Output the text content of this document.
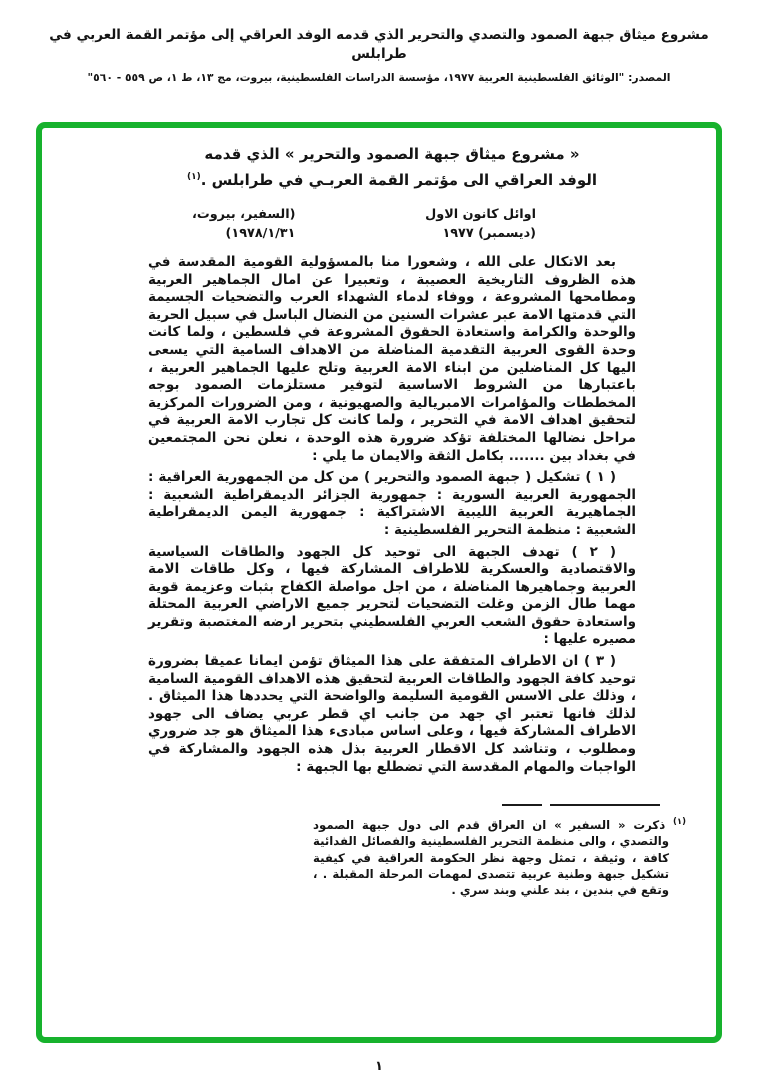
مشروع ميثاق جبهة الصمود والتصدي والتحرير الذي قدمه الوفد العراقي إلى مؤتمر القمة العربي في طرابلس
المصدر: "الوثائق الفلسطينية العربية ١٩٧٧، مؤسسة الدراسات الفلسطينية، بيروت، مج ١٣، ط ١، ص ٥٥٩ - ٥٦٠"
« مشروع ميثاق جبهة الصمود والتحرير » الذي قدمه
الوفد العراقي الى مؤتمر القمة العربـي في طرابلس .$^{(١)}$
اوائل كانون الاول
(ديسمبر) ١٩٧٧
(السفير، بيروت،
١٩٧٨/١/٣١)

بعد الاتكال على الله ، وشعورا منا بالمسؤولية القومية المقدسة في هذه الظروف التاريخية العصيبة ، وتعبيرا عن امال الجماهير العربية ومطامحها المشروعة ، ووفاء لدماء الشهداء العرب والتضحيات الجسيمة التي قدمتها الامة عبر عشرات السنين من النضال الباسل في سبيل الحرية والوحدة والكرامة واستعادة الحقوق المشروعة في فلسطين ، ولما كانت وحدة القوى العربية التقدمية المناضلة من الاهداف السامية التي يسعى اليها كل المناضلين من ابناء الامة العربية وتلح عليها الجماهير العربية ، باعتبارها من الشروط الاساسية لتوفير مستلزمات الصمود بوجه المخططات والمؤامرات الامبريالية والصهيونية ، ومن الضرورات المركزية لتحقيق اهداف الامة في التحرير ، ولما كانت كل تجارب الامة العربية في مراحل نضالها المختلفة تؤكد ضرورة هذه الوحدة ، نعلن نحن المجتمعين في بغداد بين ....... بكامل الثقة والايمان ما يلي :

( ١ ) تشكيل ( جبهة الصمود والتحرير ) من كل من الجمهورية العراقية : الجمهورية العربية السورية : جمهورية الجزائر الديمقراطية الشعبية : الجماهيرية العربية الليبية الاشتراكية : جمهورية اليمن الديمقراطية الشعبية : منظمة التحرير الفلسطينية :

( ٢ ) تهدف الجبهة الى توحيد كل الجهود والطاقات السياسية والاقتصادية والعسكرية للاطراف المشاركة فيها ، وكل طاقات الامة العربية وجماهيرها المناضلة ، من اجل مواصلة الكفاح بثبات وعزيمة قوية مهما طال الزمن وغلت التضحيات لتحرير جميع الاراضي العربية المحتلة واستعادة حقوق الشعب العربي الفلسطيني بتحرير ارضه المغتصبة وتقرير مصيره عليها :

( ٣ ) ان الاطراف المتفقة على هذا الميثاق تؤمن ايمانا عميقا بضرورة توحيد كافة الجهود والطاقات العربية لتحقيق هذه الاهداف القومية السامية ، وذلك على الاسس القومية السليمة والواضحة التي يحددها هذا الميثاق . لذلك فانها تعتبر اي جهد من جانب اي قطر عربي يضاف الى جهود الاطراف المشاركة فيها ، وعلى اساس مبادىء هذا الميثاق هو جد ضروري ومطلوب ، وتناشد كل الاقطار العربية بذل هذه الجهود والمشاركة في الواجبات والمهام المقدسة التي تضطلع بها الجبهة :

$^{(١)}$ ذكرت « السفير » ان العراق قدم الى دول جبهة الصمود والتصدي ، والى منظمة التحرير الفلسطينية والفصائل الفدائية كافة ، وثيقة ، تمثل وجهة نظر الحكومة العراقية في كيفية تشكيل جبهة وطنية عربية تتصدى لمهمات المرحلة المقبلة . ، وتقع في بندين ، بند علني وبند سري .
١
